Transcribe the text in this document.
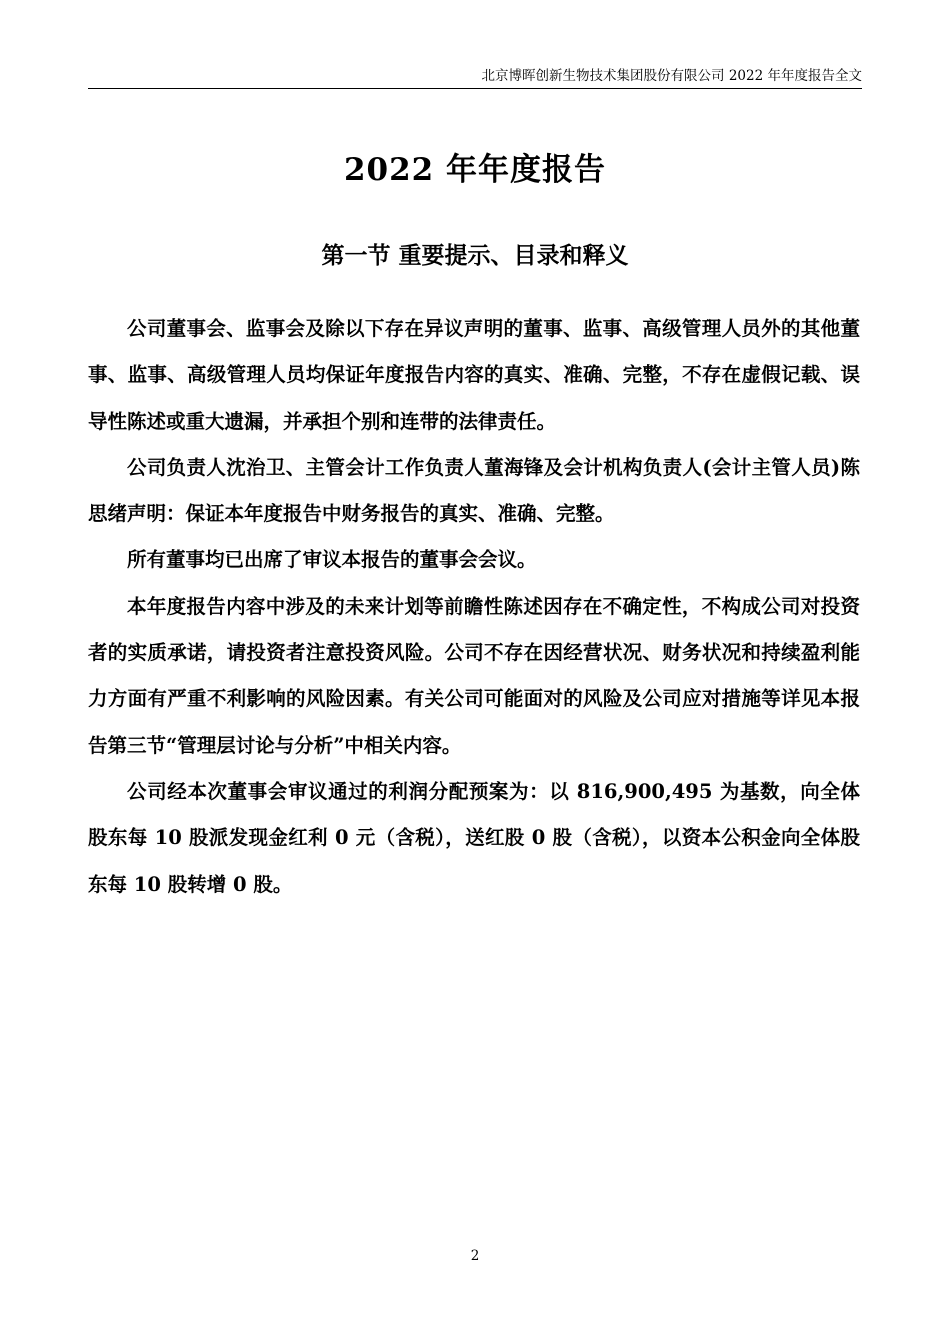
北京博晖创新生物技术集团股份有限公司 2022 年年度报告全文
2022 年年度报告
第一节 重要提示、目录和释义

公司董事会、监事会及除以下存在异议声明的董事、监事、高级管理人员外的其他董事、监事、高级管理人员均保证年度报告内容的真实、准确、完整，不存在虚假记载、误导性陈述或重大遗漏，并承担个别和连带的法律责任。

公司负责人沈治卫、主管会计工作负责人董海锋及会计机构负责人(会计主管人员)陈思绪声明：保证本年度报告中财务报告的真实、准确、完整。

所有董事均已出席了审议本报告的董事会会议。

本年度报告内容中涉及的未来计划等前瞻性陈述因存在不确定性，不构成公司对投资者的实质承诺，请投资者注意投资风险。公司不存在因经营状况、财务状况和持续盈利能力方面有严重不利影响的风险因素。有关公司可能面对的风险及公司应对措施等详见本报告第三节“管理层讨论与分析”中相关内容。

公司经本次董事会审议通过的利润分配预案为：以 816,900,495 为基数，向全体股东每 10 股派发现金红利 0 元（含税），送红股 0 股（含税），以资本公积金向全体股东每 10 股转增 0 股。

2
